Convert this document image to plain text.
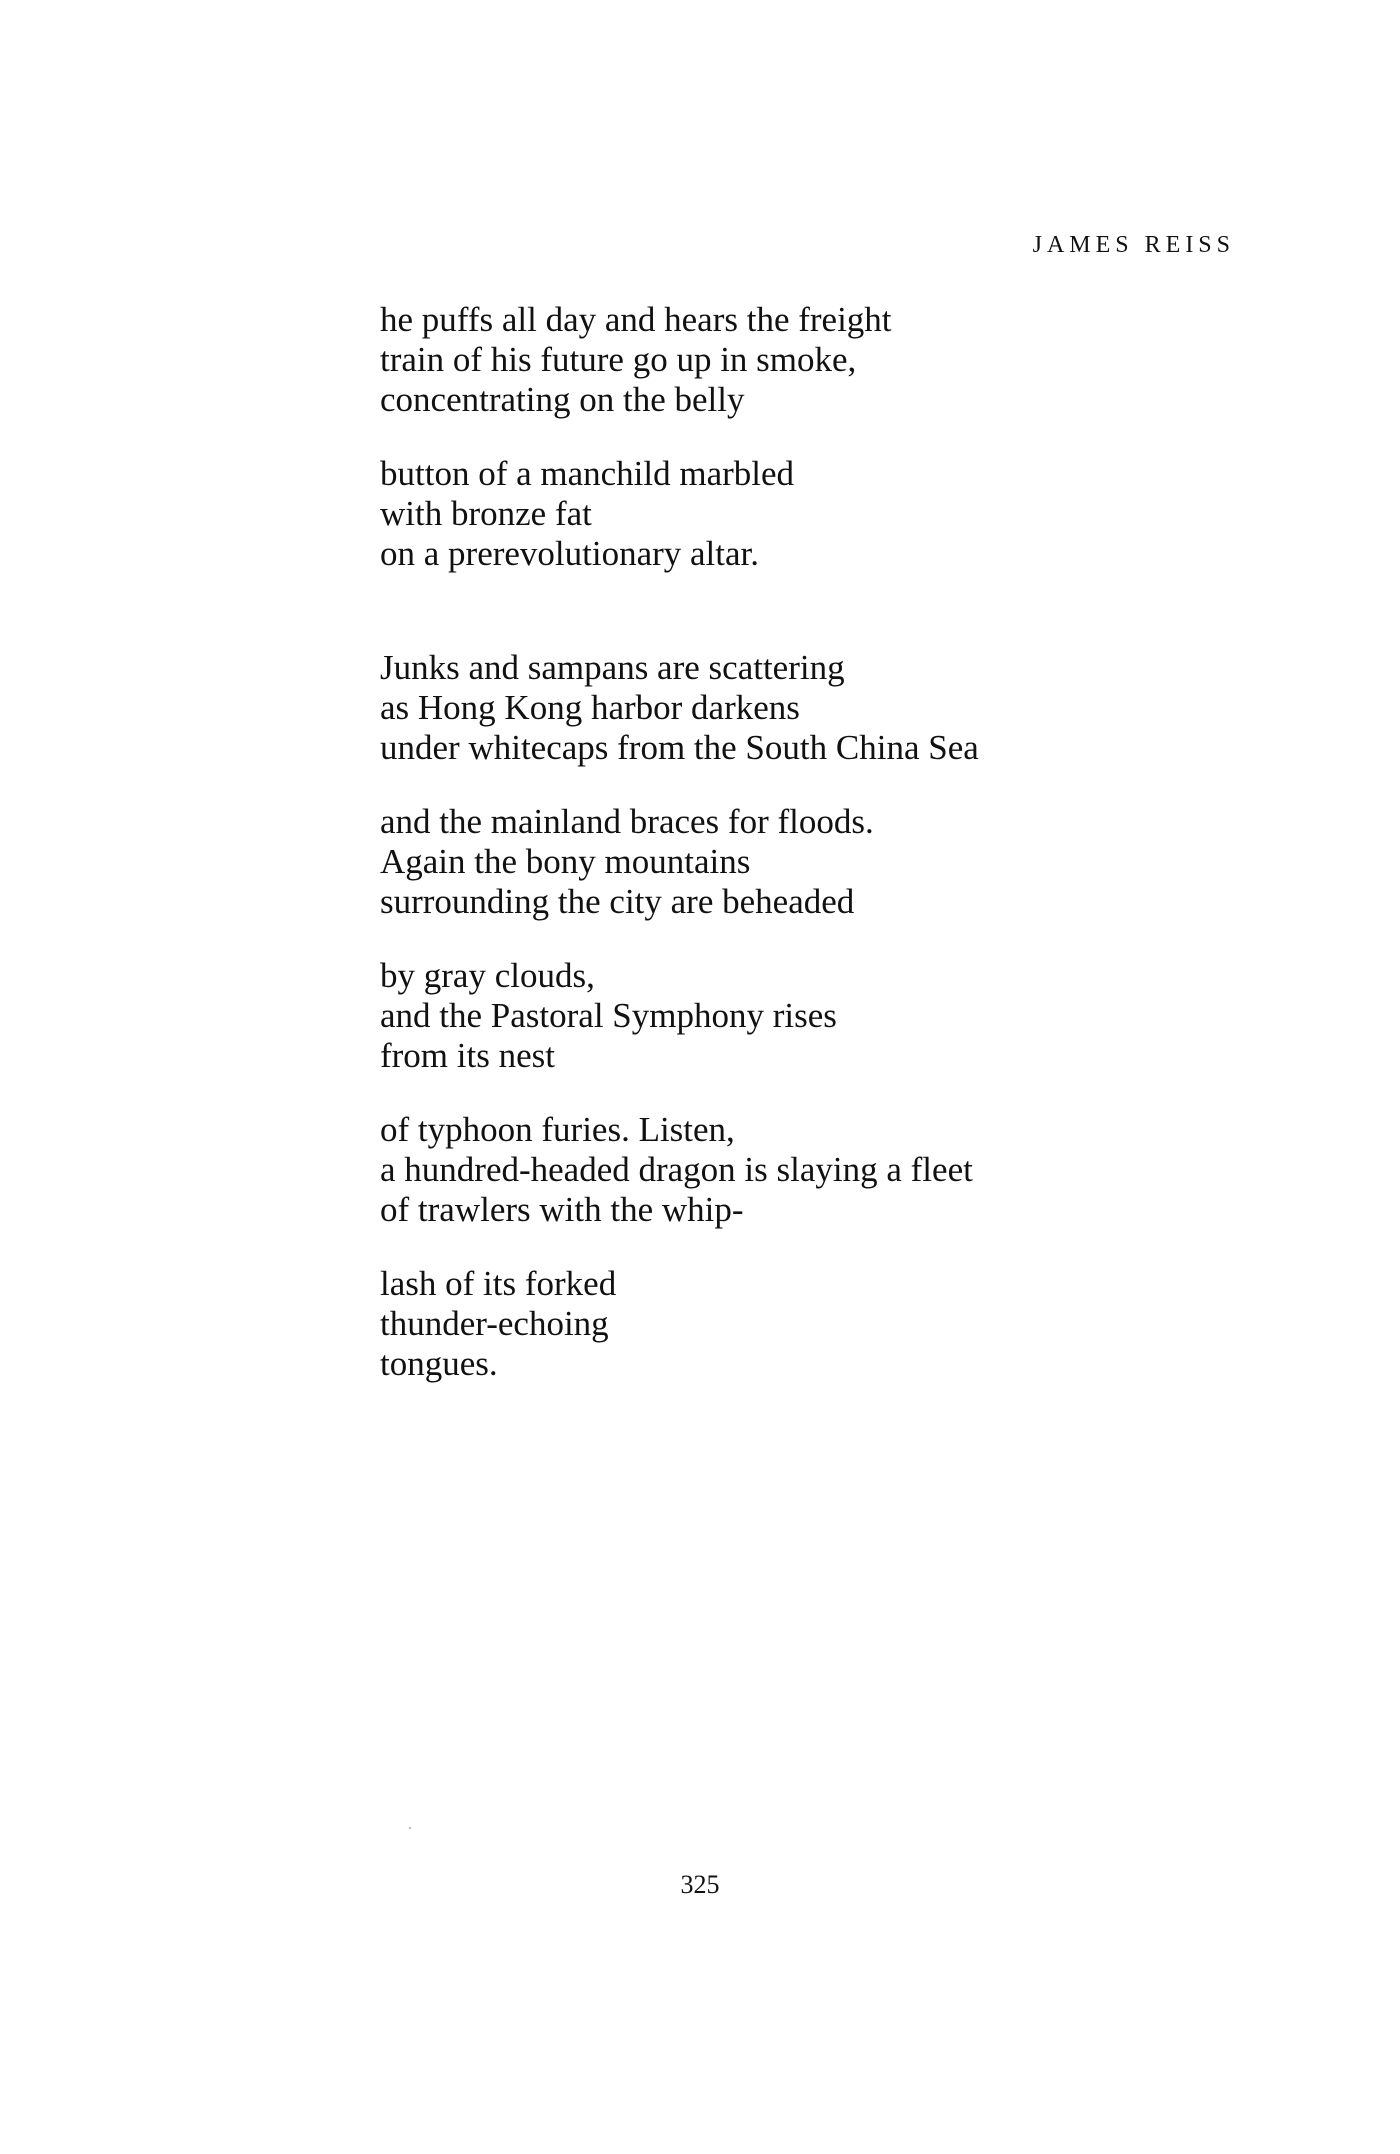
JAMES REISS
he puffs all day and hears the freight
train of his future go up in smoke,
concentrating on the belly
button of a manchild marbled
with bronze fat
on a prerevolutionary altar.
Junks and sampans are scattering
as Hong Kong harbor darkens
under whitecaps from the South China Sea
and the mainland braces for floods.
Again the bony mountains
surrounding the city are beheaded
by gray clouds,
and the Pastoral Symphony rises
from its nest
of typhoon furies. Listen,
a hundred-headed dragon is slaying a fleet
of trawlers with the whip-
lash of its forked
thunder-echoing
tongues.
325
